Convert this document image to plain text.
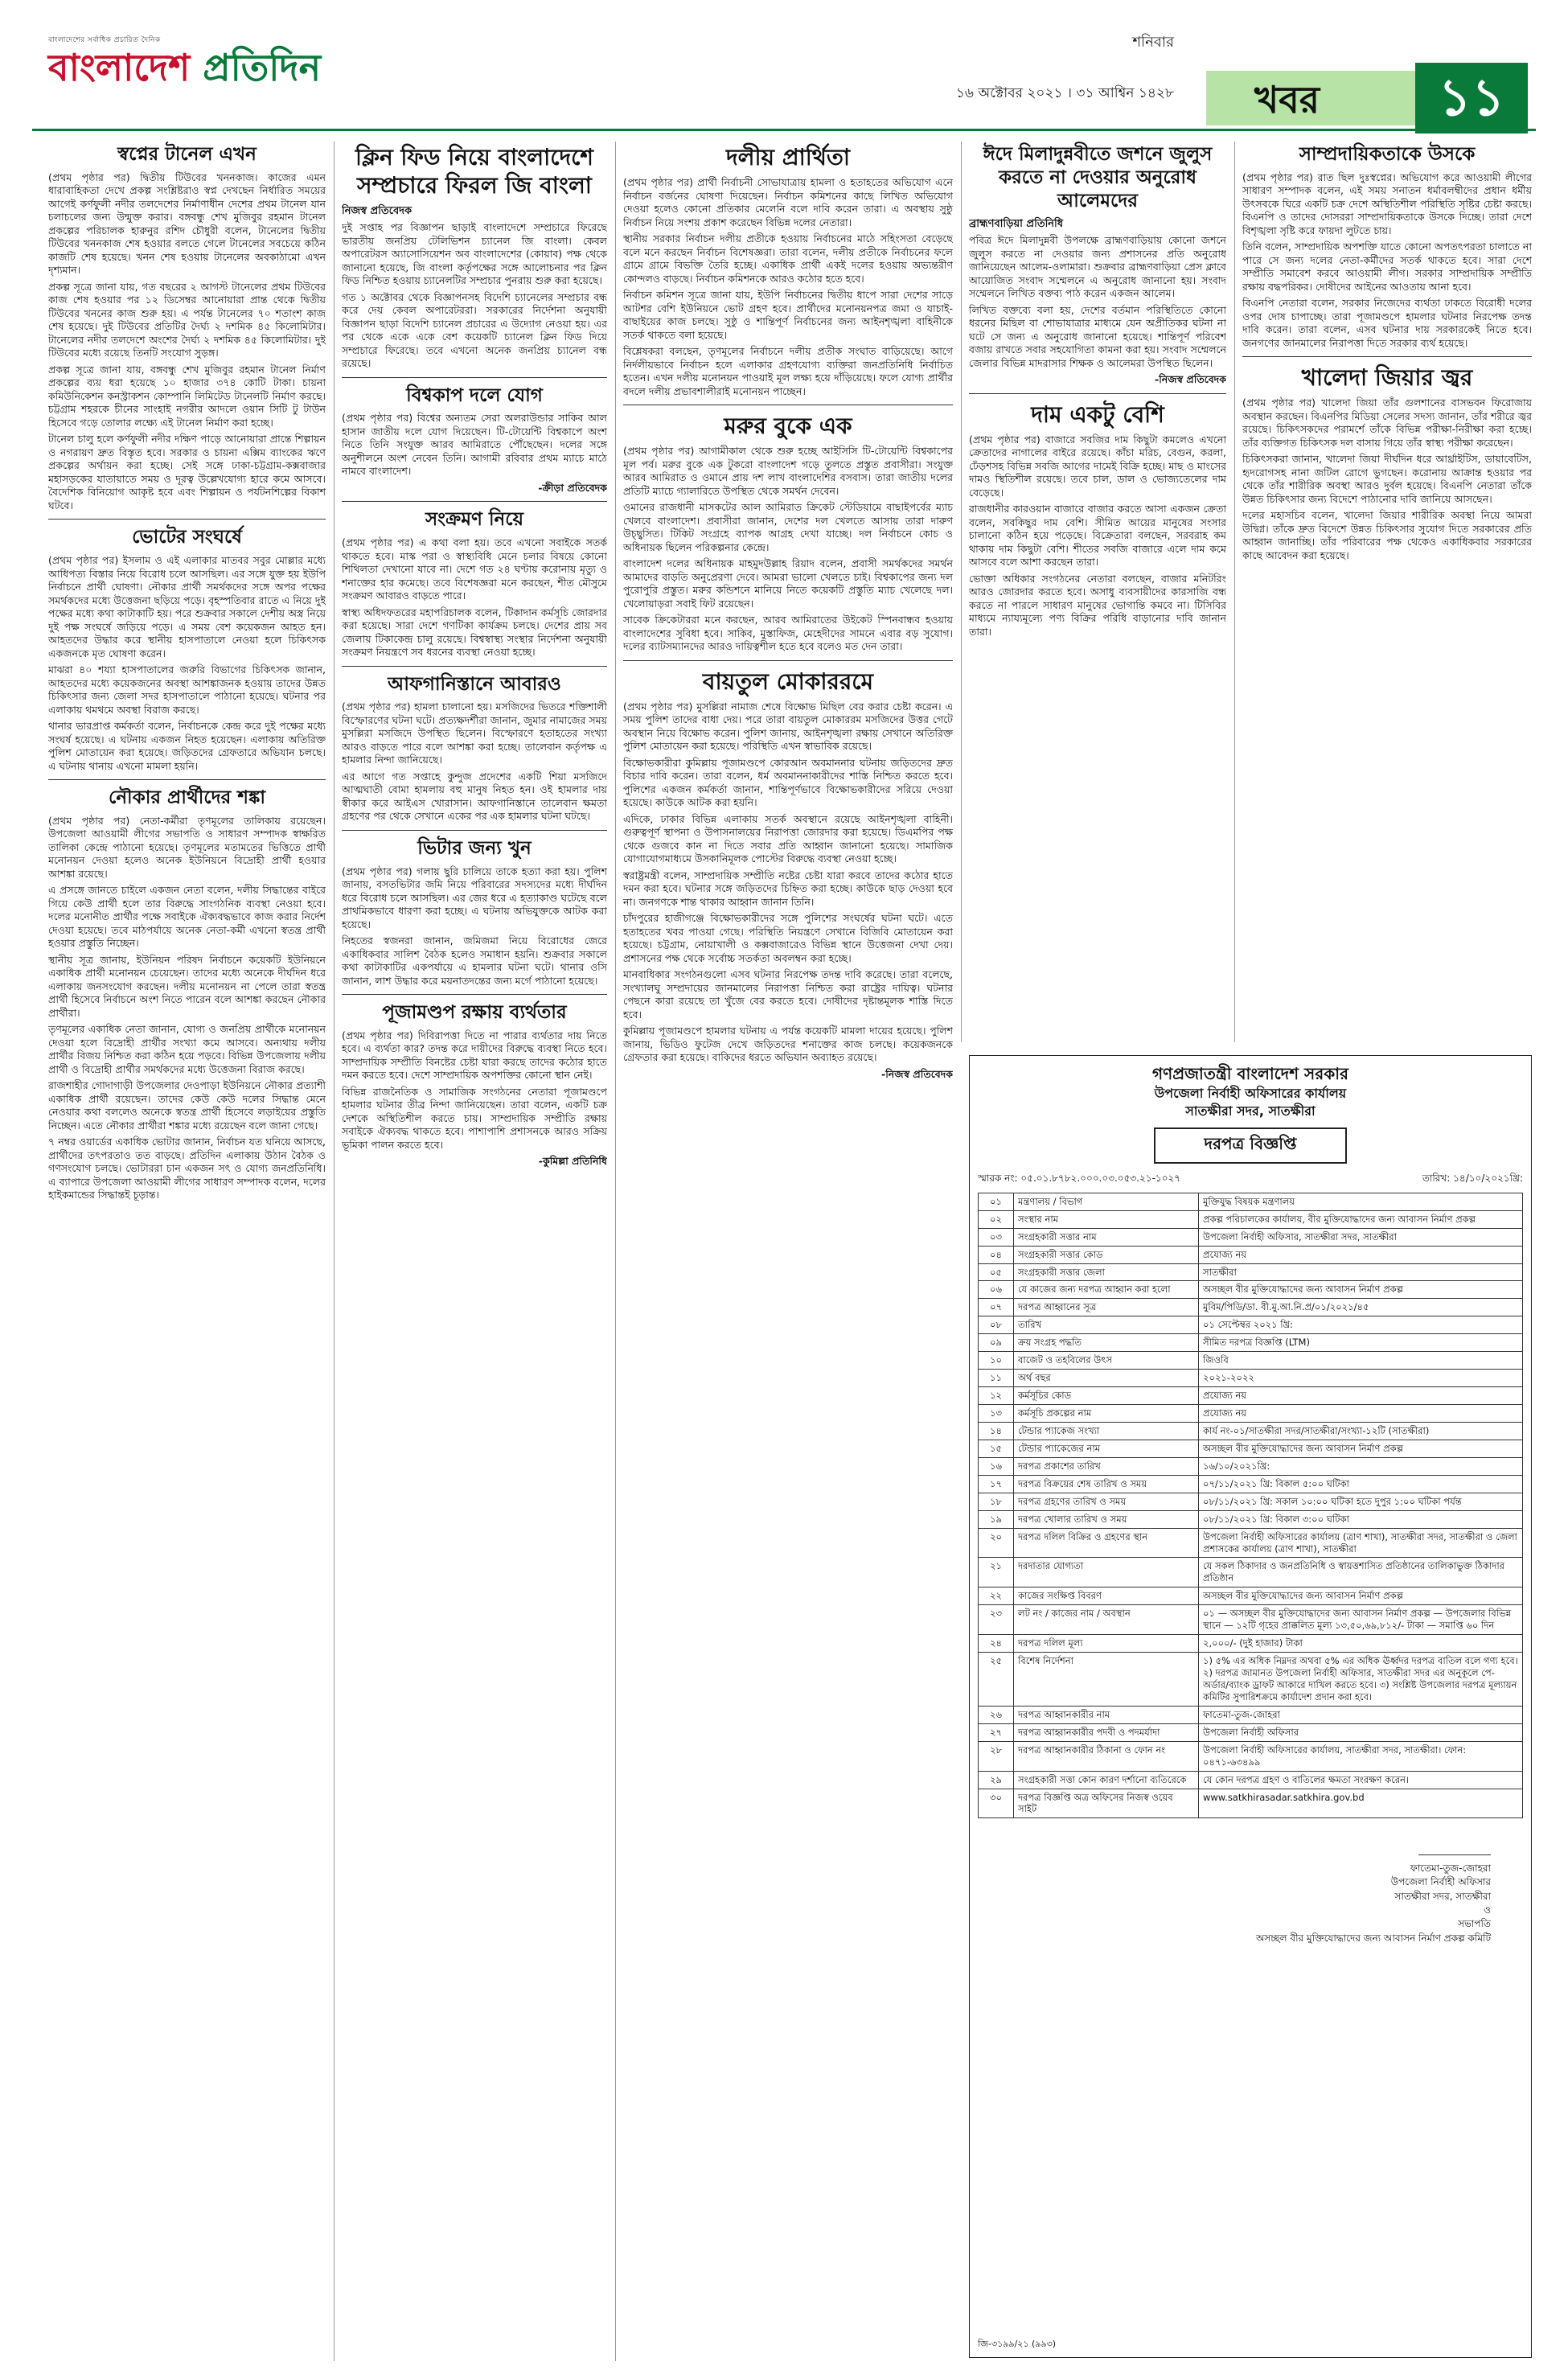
বাংলাদেশের সর্বাধিক প্রচারিত দৈনিক
বাংলাদেশ প্রতিদিন
শনিবার
১৬ অক্টোবর ২০২১ । ৩১ আশ্বিন ১৪২৮ খবর	১১
স্বপ্নের টানেল এখন

(প্রথম পৃষ্ঠার পর) দ্বিতীয় টিউবের খননকাজ। কাজের এমন ধারাবাহিকতা দেখে প্রকল্প সংশ্লিষ্টরাও স্বপ্ন দেখছেন নির্ধারিত সময়ের আগেই কর্ণফুলী নদীর তলদেশের নির্মাণাধীন দেশের প্রথম টানেল যান চলাচলের জন্য উন্মুক্ত করার। বঙ্গবন্ধু শেখ মুজিবুর রহমান টানেল প্রকল্পের পরিচালক হারুনুর রশিদ চৌধুরী বলেন, টানেলের দ্বিতীয় টিউবের খননকাজ শেষ হওয়ার বলতে গেলে টানেলের সবচেয়ে কঠিন কাজটি শেষ হয়েছে। খনন শেষ হওয়ায় টানেলের অবকাঠামো এখন দৃশ্যমান।

প্রকল্প সূত্রে জানা যায়, গত বছরের ২ আগস্ট টানেলের প্রথম টিউবের কাজ শেষ হওয়ার পর ১২ ডিসেম্বর আনোয়ারা প্রান্ত থেকে দ্বিতীয় টিউবের খননের কাজ শুরু হয়। এ পর্যন্ত টানেলের ৭০ শতাংশ কাজ শেষ হয়েছে। দুই টিউবের প্রতিটির দৈর্ঘ্য ২ দশমিক ৪৫ কিলোমিটার। টানেলের নদীর তলদেশে অংশের দৈর্ঘ্য ২ দশমিক ৪৫ কিলোমিটার। দুই টিউবের মধ্যে রয়েছে তিনটি সংযোগ সুড়ঙ্গ।

প্রকল্প সূত্রে জানা যায়, বঙ্গবন্ধু শেখ মুজিবুর রহমান টানেল নির্মাণ প্রকল্পের ব্যয় ধরা হয়েছে ১০ হাজার ৩৭৪ কোটি টাকা। চায়না কমিউনিকেশন কনস্ট্রাকশন কোম্পানি লিমিটেড টানেলটি নির্মাণ করছে। চট্টগ্রাম শহরকে চীনের সাংহাই নগরীর আদলে ওয়ান সিটি টু টাউন হিসেবে গড়ে তোলার লক্ষ্যে এই টানেল নির্মাণ করা হচ্ছে।

টানেল চালু হলে কর্ণফুলী নদীর দক্ষিণ পাড়ে আনোয়ারা প্রান্তে শিল্পায়ন ও নগরায়ণ দ্রুত বিস্তৃত হবে। সরকার ও চায়না এক্সিম ব্যাংকের ঋণে প্রকল্পের অর্থায়ন করা হচ্ছে। সেই সঙ্গে ঢাকা-চট্টগ্রাম-কক্সবাজার মহাসড়কের যাতায়াতে সময় ও দূরত্ব উল্লেখযোগ্য হারে কমে আসবে। বৈদেশিক বিনিয়োগ আকৃষ্ট হবে এবং শিল্পায়ন ও পর্যটনশিল্পের বিকাশ ঘটবে।

ভোটের সংঘর্ষে

(প্রথম পৃষ্ঠার পর) ইসলাম ও এই এলাকার মাতবর সবুর মোল্লার মধ্যে আধিপত্য বিস্তার নিয়ে বিরোধ চলে আসছিল। এর সঙ্গে যুক্ত হয় ইউপি নির্বাচনে প্রার্থী ঘোষণা। নৌকার প্রার্থী সমর্থকদের সঙ্গে অপর পক্ষের সমর্থকদের মধ্যে উত্তেজনা ছড়িয়ে পড়ে। বৃহস্পতিবার রাতে এ নিয়ে দুই পক্ষের মধ্যে কথা কাটাকাটি হয়। পরে শুক্রবার সকালে দেশীয় অস্ত্র নিয়ে দুই পক্ষ সংঘর্ষে জড়িয়ে পড়ে। এ সময় বেশ কয়েকজন আহত হন। আহতদের উদ্ধার করে স্থানীয় হাসপাতালে নেওয়া হলে চিকিৎসক একজনকে মৃত ঘোষণা করেন।

মাঝরা ৪০ শয্যা হাসপাতালের জরুরি বিভাগের চিকিৎসক জানান, আহতদের মধ্যে কয়েকজনের অবস্থা আশঙ্কাজনক হওয়ায় তাদের উন্নত চিকিৎসার জন্য জেলা সদর হাসপাতালে পাঠানো হয়েছে। ঘটনার পর এলাকায় থমথমে অবস্থা বিরাজ করছে।

থানার ভারপ্রাপ্ত কর্মকর্তা বলেন, নির্বাচনকে কেন্দ্র করে দুই পক্ষের মধ্যে সংঘর্ষ হয়েছে। এ ঘটনায় একজন নিহত হয়েছেন। এলাকায় অতিরিক্ত পুলিশ মোতায়েন করা হয়েছে। জড়িতদের গ্রেফতারে অভিযান চলছে। এ ঘটনায় থানায় এখনো মামলা হয়নি।

নৌকার প্রার্থীদের শঙ্কা

(প্রথম পৃষ্ঠার পর) নেতা-কর্মীরা তৃণমূলের তালিকায় রয়েছেন। উপজেলা আওয়ামী লীগের সভাপতি ও সাধারণ সম্পাদক স্বাক্ষরিত তালিকা কেন্দ্রে পাঠানো হয়েছে। তৃণমূলের মতামতের ভিত্তিতে প্রার্থী মনোনয়ন দেওয়া হলেও অনেক ইউনিয়নে বিদ্রোহী প্রার্থী হওয়ার আশঙ্কা রয়েছে।

এ প্রসঙ্গে জানতে চাইলে একজন নেতা বলেন, দলীয় সিদ্ধান্তের বাইরে গিয়ে কেউ প্রার্থী হলে তার বিরুদ্ধে সাংগঠনিক ব্যবস্থা নেওয়া হবে। দলের মনোনীত প্রার্থীর পক্ষে সবাইকে ঐক্যবদ্ধভাবে কাজ করার নির্দেশ দেওয়া হয়েছে। তবে মাঠপর্যায়ে অনেক নেতা-কর্মী এখনো স্বতন্ত্র প্রার্থী হওয়ার প্রস্তুতি নিচ্ছেন।

স্থানীয় সূত্র জানায়, ইউনিয়ন পরিষদ নির্বাচনে কয়েকটি ইউনিয়নে একাধিক প্রার্থী মনোনয়ন চেয়েছেন। তাদের মধ্যে অনেকে দীর্ঘদিন ধরে এলাকায় জনসংযোগ করছেন। দলীয় মনোনয়ন না পেলে তারা স্বতন্ত্র প্রার্থী হিসেবে নির্বাচনে অংশ নিতে পারেন বলে আশঙ্কা করছেন নৌকার প্রার্থীরা।

তৃণমূলের একাধিক নেতা জানান, যোগ্য ও জনপ্রিয় প্রার্থীকে মনোনয়ন দেওয়া হলে বিদ্রোহী প্রার্থীর সংখ্যা কমে আসবে। অন্যথায় দলীয় প্রার্থীর বিজয় নিশ্চিত করা কঠিন হয়ে পড়বে। বিভিন্ন উপজেলায় দলীয় প্রার্থী ও বিদ্রোহী প্রার্থীর সমর্থকদের মধ্যে উত্তেজনা বিরাজ করছে।

রাজশাহীর গোদাগাড়ী উপজেলার দেওপাড়া ইউনিয়নে নৌকার প্রত্যাশী একাধিক প্রার্থী রয়েছেন। তাদের কেউ কেউ দলের সিদ্ধান্ত মেনে নেওয়ার কথা বললেও অনেকে স্বতন্ত্র প্রার্থী হিসেবে লড়াইয়ের প্রস্তুতি নিচ্ছেন। এতে নৌকার প্রার্থীরা শঙ্কার মধ্যে রয়েছেন বলে জানা গেছে।

৭ নম্বর ওয়ার্ডের একাধিক ভোটার জানান, নির্বাচন যত ঘনিয়ে আসছে, প্রার্থীদের তৎপরতাও তত বাড়ছে। প্রতিদিন এলাকায় উঠান বৈঠক ও গণসংযোগ চলছে। ভোটাররা চান একজন সৎ ও যোগ্য জনপ্রতিনিধি। এ ব্যাপারে উপজেলা আওয়ামী লীগের সাধারণ সম্পাদক বলেন, দলের হাইকমান্ডের সিদ্ধান্তই চূড়ান্ত।

ক্লিন ফিড নিয়ে বাংলাদেশে সম্প্রচারে ফিরল জি বাংলা
নিজস্ব প্রতিবেদক

দুই সপ্তাহ পর বিজ্ঞাপন ছাড়াই বাংলাদেশে সম্প্রচারে ফিরেছে ভারতীয় জনপ্রিয় টেলিভিশন চ্যানেল জি বাংলা। কেবল অপারেটরস অ্যাসোসিয়েশন অব বাংলাদেশের (কোয়াব) পক্ষ থেকে জানানো হয়েছে, জি বাংলা কর্তৃপক্ষের সঙ্গে আলোচনার পর ক্লিন ফিড নিশ্চিত হওয়ায় চ্যানেলটির সম্প্রচার পুনরায় শুরু করা হয়েছে।

গত ১ অক্টোবর থেকে বিজ্ঞাপনসহ বিদেশি চ্যানেলের সম্প্রচার বন্ধ করে দেয় কেবল অপারেটররা। সরকারের নির্দেশনা অনুযায়ী বিজ্ঞাপন ছাড়া বিদেশি চ্যানেল প্রচারের এ উদ্যোগ নেওয়া হয়। এর পর থেকে একে একে বেশ কয়েকটি চ্যানেল ক্লিন ফিড দিয়ে সম্প্রচারে ফিরেছে। তবে এখনো অনেক জনপ্রিয় চ্যানেল বন্ধ রয়েছে।

বিশ্বকাপ দলে যোগ

(প্রথম পৃষ্ঠার পর) বিশ্বের অন্যতম সেরা অলরাউন্ডার সাকিব আল হাসান জাতীয় দলে যোগ দিয়েছেন। টি-টোয়েন্টি বিশ্বকাপে অংশ নিতে তিনি সংযুক্ত আরব আমিরাতে পৌঁছেছেন। দলের সঙ্গে অনুশীলনে অংশ নেবেন তিনি। আগামী রবিবার প্রথম ম্যাচে মাঠে নামবে বাংলাদেশ।

-ক্রীড়া প্রতিবেদক
সংক্রমণ নিয়ে

(প্রথম পৃষ্ঠার পর) এ কথা বলা হয়। তবে এখনো সবাইকে সতর্ক থাকতে হবে। মাস্ক পরা ও স্বাস্থ্যবিধি মেনে চলার বিষয়ে কোনো শিথিলতা দেখানো যাবে না। দেশে গত ২৪ ঘণ্টায় করোনায় মৃত্যু ও শনাক্তের হার কমেছে। তবে বিশেষজ্ঞরা মনে করছেন, শীত মৌসুমে সংক্রমণ আবারও বাড়তে পারে।

স্বাস্থ্য অধিদফতরের মহাপরিচালক বলেন, টিকাদান কর্মসূচি জোরদার করা হয়েছে। সারা দেশে গণটিকা কার্যক্রম চলছে। দেশের প্রায় সব জেলায় টিকাকেন্দ্র চালু রয়েছে। বিশ্বস্বাস্থ্য সংস্থার নির্দেশনা অনুযায়ী সংক্রমণ নিয়ন্ত্রণে সব ধরনের ব্যবস্থা নেওয়া হচ্ছে।

আফগানিস্তানে আবারও

(প্রথম পৃষ্ঠার পর) হামলা চালানো হয়। মসজিদের ভিতরে শক্তিশালী বিস্ফোরণের ঘটনা ঘটে। প্রত্যক্ষদর্শীরা জানান, জুমার নামাজের সময় মুসল্লিরা মসজিদে উপস্থিত ছিলেন। বিস্ফোরণে হতাহতের সংখ্যা আরও বাড়তে পারে বলে আশঙ্কা করা হচ্ছে। তালেবান কর্তৃপক্ষ এ হামলার নিন্দা জানিয়েছে।

এর আগে গত সপ্তাহে কুন্দুজ প্রদেশের একটি শিয়া মসজিদে আত্মঘাতী বোমা হামলায় বহু মানুষ নিহত হন। ওই হামলার দায় স্বীকার করে আইএস খোরাসান। আফগানিস্তানে তালেবান ক্ষমতা গ্রহণের পর থেকে সেখানে একের পর এক হামলার ঘটনা ঘটছে।

ভিটার জন্য খুন

(প্রথম পৃষ্ঠার পর) গলায় ছুরি চালিয়ে তাকে হত্যা করা হয়। পুলিশ জানায়, বসতভিটার জমি নিয়ে পরিবারের সদস্যদের মধ্যে দীর্ঘদিন ধরে বিরোধ চলে আসছিল। এর জের ধরে এ হত্যাকাণ্ড ঘটেছে বলে প্রাথমিকভাবে ধারণা করা হচ্ছে। এ ঘটনায় অভিযুক্তকে আটক করা হয়েছে।

নিহতের স্বজনরা জানান, জমিজমা নিয়ে বিরোধের জেরে একাধিকবার সালিশ বৈঠক হলেও সমাধান হয়নি। শুক্রবার সকালে কথা কাটাকাটির একপর্যায়ে এ হামলার ঘটনা ঘটে। থানার ওসি জানান, লাশ উদ্ধার করে ময়নাতদন্তের জন্য মর্গে পাঠানো হয়েছে।

পূজামণ্ডপ রক্ষায় ব্যর্থতার

(প্রথম পৃষ্ঠার পর) দিবিরাপত্তা দিতে না পারার ব্যর্থতার দায় নিতে হবে। এ ব্যর্থতা কার? তদন্ত করে দায়ীদের বিরুদ্ধে ব্যবস্থা নিতে হবে। সাম্প্রদায়িক সম্প্রীতি বিনষ্টের চেষ্টা যারা করছে তাদের কঠোর হাতে দমন করতে হবে। দেশে সাম্প্রদায়িক অপশক্তির কোনো স্থান নেই।

বিভিন্ন রাজনৈতিক ও সামাজিক সংগঠনের নেতারা পূজামণ্ডপে হামলার ঘটনার তীব্র নিন্দা জানিয়েছেন। তারা বলেন, একটি চক্র দেশকে অস্থিতিশীল করতে চায়। সাম্প্রদায়িক সম্প্রীতি রক্ষায় সবাইকে ঐক্যবদ্ধ থাকতে হবে। পাশাপাশি প্রশাসনকে আরও সক্রিয় ভূমিকা পালন করতে হবে।

-কুমিল্লা প্রতিনিধি
দলীয় প্রার্থিতা

(প্রথম পৃষ্ঠার পর) প্রার্থী নির্বাচনী সোভাযাত্রায় হামলা ও হতাহতের অভিযোগ এনে নির্বাচন বর্জনের ঘোষণা দিয়েছেন। নির্বাচন কমিশনের কাছে লিখিত অভিযোগ দেওয়া হলেও কোনো প্রতিকার মেলেনি বলে দাবি করেন তারা। এ অবস্থায় সুষ্ঠু নির্বাচন নিয়ে সংশয় প্রকাশ করেছেন বিভিন্ন দলের নেতারা।

স্থানীয় সরকার নির্বাচন দলীয় প্রতীকে হওয়ায় নির্বাচনের মাঠে সহিংসতা বেড়েছে বলে মনে করছেন নির্বাচন বিশেষজ্ঞরা। তারা বলেন, দলীয় প্রতীকে নির্বাচনের ফলে গ্রামে গ্রামে বিভক্তি তৈরি হচ্ছে। একাধিক প্রার্থী একই দলের হওয়ায় অভ্যন্তরীণ কোন্দলও বাড়ছে। নির্বাচন কমিশনকে আরও কঠোর হতে হবে।

নির্বাচন কমিশন সূত্রে জানা যায়, ইউপি নির্বাচনের দ্বিতীয় ধাপে সারা দেশের সাড়ে আটশর বেশি ইউনিয়নে ভোট গ্রহণ হবে। প্রার্থীদের মনোনয়নপত্র জমা ও যাচাই-বাছাইয়ের কাজ চলছে। সুষ্ঠু ও শান্তিপূর্ণ নির্বাচনের জন্য আইনশৃঙ্খলা বাহিনীকে সতর্ক থাকতে বলা হয়েছে।

বিশ্লেষকরা বলছেন, তৃণমূলের নির্বাচনে দলীয় প্রতীক সংঘাত বাড়িয়েছে। আগে নির্দলীয়ভাবে নির্বাচন হলে এলাকার গ্রহণযোগ্য ব্যক্তিরা জনপ্রতিনিধি নির্বাচিত হতেন। এখন দলীয় মনোনয়ন পাওয়াই মূল লক্ষ্য হয়ে দাঁড়িয়েছে। ফলে যোগ্য প্রার্থীর বদলে দলীয় প্রভাবশালীরাই মনোনয়ন পাচ্ছেন।

মরুর বুকে এক

(প্রথম পৃষ্ঠার পর) আগামীকাল থেকে শুরু হচ্ছে আইসিসি টি-টোয়েন্টি বিশ্বকাপের মূল পর্ব। মরুর বুকে এক টুকরো বাংলাদেশ গড়ে তুলতে প্রস্তুত প্রবাসীরা। সংযুক্ত আরব আমিরাত ও ওমানে প্রায় দশ লাখ বাংলাদেশির বসবাস। তারা জাতীয় দলের প্রতিটি ম্যাচে গ্যালারিতে উপস্থিত থেকে সমর্থন দেবেন।

ওমানের রাজধানী মাসকটের আল আমিরাত ক্রিকেট স্টেডিয়ামে বাছাইপর্বের ম্যাচ খেলবে বাংলাদেশ। প্রবাসীরা জানান, দেশের দল খেলতে আসায় তারা দারুণ উচ্ছ্বসিত। টিকিট সংগ্রহে ব্যাপক আগ্রহ দেখা যাচ্ছে। দল নির্বাচনে কোচ ও অধিনায়ক ছিলেন পরিকল্পনার কেন্দ্রে।

বাংলাদেশ দলের অধিনায়ক মাহমুদউল্লাহ রিয়াদ বলেন, প্রবাসী সমর্থকদের সমর্থন আমাদের বাড়তি অনুপ্রেরণা দেবে। আমরা ভালো খেলতে চাই। বিশ্বকাপের জন্য দল পুরোপুরি প্রস্তুত। মরুর কন্ডিশনে মানিয়ে নিতে কয়েকটি প্রস্তুতি ম্যাচ খেলেছে দল। খেলোয়াড়রা সবাই ফিট রয়েছেন।

সাবেক ক্রিকেটাররা মনে করছেন, আরব আমিরাতের উইকেট স্পিনবান্ধব হওয়ায় বাংলাদেশের সুবিধা হবে। সাকিব, মুস্তাফিজ, মেহেদীদের সামনে এবার বড় সুযোগ। দলের ব্যাটসম্যানদের আরও দায়িত্বশীল হতে হবে বলেও মত দেন তারা।

বায়তুল মোকাররমে

(প্রথম পৃষ্ঠার পর) মুসল্লিরা নামাজ শেষে বিক্ষোভ মিছিল বের করার চেষ্টা করেন। এ সময় পুলিশ তাদের বাধা দেয়। পরে তারা বায়তুল মোকাররম মসজিদের উত্তর গেটে অবস্থান নিয়ে বিক্ষোভ করেন। পুলিশ জানায়, আইনশৃঙ্খলা রক্ষায় সেখানে অতিরিক্ত পুলিশ মোতায়েন করা হয়েছে। পরিস্থিতি এখন স্বাভাবিক রয়েছে।

বিক্ষোভকারীরা কুমিল্লায় পূজামণ্ডপে কোরআন অবমাননার ঘটনায় জড়িতদের দ্রুত বিচার দাবি করেন। তারা বলেন, ধর্ম অবমাননাকারীদের শাস্তি নিশ্চিত করতে হবে। পুলিশের একজন কর্মকর্তা জানান, শান্তিপূর্ণভাবে বিক্ষোভকারীদের সরিয়ে দেওয়া হয়েছে। কাউকে আটক করা হয়নি।

এদিকে, ঢাকার বিভিন্ন এলাকায় সতর্ক অবস্থানে রয়েছে আইনশৃঙ্খলা বাহিনী। গুরুত্বপূর্ণ স্থাপনা ও উপাসনালয়ের নিরাপত্তা জোরদার করা হয়েছে। ডিএমপির পক্ষ থেকে গুজবে কান না দিতে সবার প্রতি আহ্বান জানানো হয়েছে। সামাজিক যোগাযোগমাধ্যমে উসকানিমূলক পোস্টের বিরুদ্ধে ব্যবস্থা নেওয়া হচ্ছে।

স্বরাষ্ট্রমন্ত্রী বলেন, সাম্প্রদায়িক সম্প্রীতি নষ্টের চেষ্টা যারা করবে তাদের কঠোর হাতে দমন করা হবে। ঘটনার সঙ্গে জড়িতদের চিহ্নিত করা হচ্ছে। কাউকে ছাড় দেওয়া হবে না। জনগণকে শান্ত থাকার আহ্বান জানান তিনি।

চাঁদপুরের হাজীগঞ্জে বিক্ষোভকারীদের সঙ্গে পুলিশের সংঘর্ষের ঘটনা ঘটে। এতে হতাহতের খবর পাওয়া গেছে। পরিস্থিতি নিয়ন্ত্রণে সেখানে বিজিবি মোতায়েন করা হয়েছে। চট্টগ্রাম, নোয়াখালী ও কক্সবাজারেও বিভিন্ন স্থানে উত্তেজনা দেখা দেয়। প্রশাসনের পক্ষ থেকে সর্বোচ্চ সতর্কতা অবলম্বন করা হচ্ছে।

মানবাধিকার সংগঠনগুলো এসব ঘটনার নিরপেক্ষ তদন্ত দাবি করেছে। তারা বলেছে, সংখ্যালঘু সম্প্রদায়ের জানমালের নিরাপত্তা নিশ্চিত করা রাষ্ট্রের দায়িত্ব। ঘটনার পেছনে কারা রয়েছে তা খুঁজে বের করতে হবে। দোষীদের দৃষ্টান্তমূলক শাস্তি দিতে হবে।

কুমিল্লায় পূজামণ্ডপে হামলার ঘটনায় এ পর্যন্ত কয়েকটি মামলা দায়ের হয়েছে। পুলিশ জানায়, ভিডিও ফুটেজ দেখে জড়িতদের শনাক্তের কাজ চলছে। কয়েকজনকে গ্রেফতার করা হয়েছে। বাকিদের ধরতে অভিযান অব্যাহত রয়েছে।

-নিজস্ব প্রতিবেদক
ঈদে মিলাদুন্নবীতে জশনে জুলুস করতে না দেওয়ার অনুরোধ আলেমদের
ব্রাহ্মণবাড়িয়া প্রতিনিধি

পবিত্র ঈদে মিলাদুন্নবী উপলক্ষে ব্রাহ্মণবাড়িয়ায় কোনো জশনে জুলুস করতে না দেওয়ার জন্য প্রশাসনের প্রতি অনুরোধ জানিয়েছেন আলেম-ওলামারা। শুক্রবার ব্রাহ্মণবাড়িয়া প্রেস ক্লাবে আয়োজিত সংবাদ সম্মেলনে এ অনুরোধ জানানো হয়। সংবাদ সম্মেলনে লিখিত বক্তব্য পাঠ করেন একজন আলেম।

লিখিত বক্তব্যে বলা হয়, দেশের বর্তমান পরিস্থিতিতে কোনো ধরনের মিছিল বা শোভাযাত্রার মাধ্যমে যেন অপ্রীতিকর ঘটনা না ঘটে সে জন্য এ অনুরোধ জানানো হয়েছে। শান্তিপূর্ণ পরিবেশ বজায় রাখতে সবার সহযোগিতা কামনা করা হয়। সংবাদ সম্মেলনে জেলার বিভিন্ন মাদরাসার শিক্ষক ও আলেমরা উপস্থিত ছিলেন।

-নিজস্ব প্রতিবেদক
দাম একটু বেশি

(প্রথম পৃষ্ঠার পর) বাজারে সবজির দাম কিছুটা কমলেও এখনো ক্রেতাদের নাগালের বাইরে রয়েছে। কাঁচা মরিচ, বেগুন, করলা, ঢেঁড়শসহ বিভিন্ন সবজি আগের দামেই বিক্রি হচ্ছে। মাছ ও মাংসের দামও স্থিতিশীল রয়েছে। তবে চাল, ডাল ও ভোজ্যতেলের দাম বেড়েছে।

রাজধানীর কারওয়ান বাজারে বাজার করতে আসা একজন ক্রেতা বলেন, সবকিছুর দাম বেশি। সীমিত আয়ের মানুষের সংসার চালানো কঠিন হয়ে পড়েছে। বিক্রেতারা বলছেন, সরবরাহ কম থাকায় দাম কিছুটা বেশি। শীতের সবজি বাজারে এলে দাম কমে আসবে বলে আশা করছেন তারা।

ভোক্তা অধিকার সংগঠনের নেতারা বলছেন, বাজার মনিটরিং আরও জোরদার করতে হবে। অসাধু ব্যবসায়ীদের কারসাজি বন্ধ করতে না পারলে সাধারণ মানুষের ভোগান্তি কমবে না। টিসিবির মাধ্যমে ন্যায্যমূল্যে পণ্য বিক্রির পরিধি বাড়ানোর দাবি জানান তারা।

সাম্প্রদায়িকতাকে উসকে

(প্রথম পৃষ্ঠার পর) রাত ছিল দুঃস্বপ্নের। অভিযোগ করে আওয়ামী লীগের সাধারণ সম্পাদক বলেন, এই সময় সনাতন ধর্মাবলম্বীদের প্রধান ধর্মীয় উৎসবকে ঘিরে একটি চক্র দেশে অস্থিতিশীল পরিস্থিতি সৃষ্টির চেষ্টা করছে। বিএনপি ও তাদের দোসররা সাম্প্রদায়িকতাকে উসকে দিচ্ছে। তারা দেশে বিশৃঙ্খলা সৃষ্টি করে ফায়দা লুটতে চায়।

তিনি বলেন, সাম্প্রদায়িক অপশক্তি যাতে কোনো অপতৎপরতা চালাতে না পারে সে জন্য দলের নেতা-কর্মীদের সতর্ক থাকতে হবে। সারা দেশে সম্প্রীতি সমাবেশ করবে আওয়ামী লীগ। সরকার সাম্প্রদায়িক সম্প্রীতি রক্ষায় বদ্ধপরিকর। দোষীদের আইনের আওতায় আনা হবে।

বিএনপি নেতারা বলেন, সরকার নিজেদের ব্যর্থতা ঢাকতে বিরোধী দলের ওপর দোষ চাপাচ্ছে। তারা পূজামণ্ডপে হামলার ঘটনার নিরপেক্ষ তদন্ত দাবি করেন। তারা বলেন, এসব ঘটনার দায় সরকারকেই নিতে হবে। জনগণের জানমালের নিরাপত্তা দিতে সরকার ব্যর্থ হয়েছে।

খালেদা জিয়ার জ্বর

(প্রথম পৃষ্ঠার পর) খালেদা জিয়া তাঁর গুলশানের বাসভবন ফিরোজায় অবস্থান করছেন। বিএনপির মিডিয়া সেলের সদস্য জানান, তাঁর শরীরে জ্বর রয়েছে। চিকিৎসকদের পরামর্শে তাঁকে বিভিন্ন পরীক্ষা-নিরীক্ষা করা হচ্ছে। তাঁর ব্যক্তিগত চিকিৎসক দল বাসায় গিয়ে তাঁর স্বাস্থ্য পরীক্ষা করেছেন।

চিকিৎসকরা জানান, খালেদা জিয়া দীর্ঘদিন ধরে আর্থ্রাইটিস, ডায়াবেটিস, হৃদরোগসহ নানা জটিল রোগে ভুগছেন। করোনায় আক্রান্ত হওয়ার পর থেকে তাঁর শারীরিক অবস্থা আরও দুর্বল হয়েছে। বিএনপি নেতারা তাঁকে উন্নত চিকিৎসার জন্য বিদেশে পাঠানোর দাবি জানিয়ে আসছেন।

দলের মহাসচিব বলেন, খালেদা জিয়ার শারীরিক অবস্থা নিয়ে আমরা উদ্বিগ্ন। তাঁকে দ্রুত বিদেশে উন্নত চিকিৎসার সুযোগ দিতে সরকারের প্রতি আহ্বান জানাচ্ছি। তাঁর পরিবারের পক্ষ থেকেও একাধিকবার সরকারের কাছে আবেদন করা হয়েছে।

গণপ্রজাতন্ত্রী বাংলাদেশ সরকার
উপজেলা নির্বাহী অফিসারের কার্যালয়
সাতক্ষীরা সদর, সাতক্ষীরা
দরপত্র বিজ্ঞপ্তি
স্মারক নং: ০৫.০১.৮৭৮২.০০০.০৩.০৫৩.২১-১০২৭	তারিখ: ১৪/১০/২০২১খ্রি:
০১	মন্ত্রণালয় / বিভাগ	মুক্তিযুদ্ধ বিষয়ক মন্ত্রণালয়
০২	সংস্থার নাম	প্রকল্প পরিচালকের কার্যালয়, বীর মুক্তিযোদ্ধাদের জন্য আবাসন নির্মাণ প্রকল্প
০৩	সংগ্রহকারী সত্তার নাম	উপজেলা নির্বাহী অফিসার, সাতক্ষীরা সদর, সাতক্ষীরা
০৪	সংগ্রহকারী সত্তার কোড	প্রযোজ্য নয়
০৫	সংগ্রহকারী সত্তার জেলা	সাতক্ষীরা
০৬	যে কাজের জন্য দরপত্র আহ্বান করা হলো	অসচ্ছল বীর মুক্তিযোদ্ধাদের জন্য আবাসন নির্মাণ প্রকল্প
০৭	দরপত্র আহ্বানের সূত্র	মুবিম/পিডি/ডা. বী.মু.আ.নি.প্র/০১/২০২১/৪৫
০৮	তারিখ	০১ সেপ্টেম্বর ২০২১ খ্রি:
০৯	ক্রয় সংগ্রহ পদ্ধতি	সীমিত দরপত্র বিজ্ঞপ্তি (LTM)
১০	বাজেট ও তহবিলের উৎস	জিওবি
১১	অর্থ বছর	২০২১-২০২২
১২	কর্মসূচির কোড	প্রযোজ্য নয়
১৩	কর্মসূচি প্রকল্পের নাম	প্রযোজ্য নয়
১৪	টেন্ডার প্যাকেজ সংখ্যা	কার্য নং-০১/সাতক্ষীরা সদর/সাতক্ষীরা/সংখ্যা-১২টি (সাতক্ষীরা)
১৫	টেন্ডার প্যাকেজের নাম	অসচ্ছল বীর মুক্তিযোদ্ধাদের জন্য আবাসন নির্মাণ প্রকল্প
১৬	দরপত্র প্রকাশের তারিখ	১৬/১০/২০২১খ্রি:
১৭	দরপত্র বিক্রয়ের শেষ তারিখ ও সময়	০৭/১১/২০২১ খ্রি: বিকাল ৫:০০ ঘটিকা
১৮	দরপত্র গ্রহণের তারিখ ও সময়	০৮/১১/২০২১ খ্রি: সকাল ১০:০০ ঘটিকা হতে দুপুর ১:০০ ঘটিকা পর্যন্ত
১৯	দরপত্র খোলার তারিখ ও সময়	০৮/১১/২০২১ খ্রি: বিকাল ৩:০০ ঘটিকা
২০	দরপত্র দলিল বিক্রির ও গ্রহণের স্থান	উপজেলা নির্বাহী অফিসারের কার্যালয় (ত্রাণ শাখা), সাতক্ষীরা সদর, সাতক্ষীরা ও জেলা প্রশাসকের কার্যালয় (ত্রাণ শাখা), সাতক্ষীরা
২১	দরদাতার যোগ্যতা	যে সকল ঠিকাদার ও জনপ্রতিনিধি ও স্বায়ত্তশাসিত প্রতিষ্ঠানের তালিকাভুক্ত ঠিকাদার প্রতিষ্ঠান
২২	কাজের সংক্ষিপ্ত বিবরণ	অসচ্ছল বীর মুক্তিযোদ্ধাদের জন্য আবাসন নির্মাণ প্রকল্প
২৩	লট নং / কাজের নাম / অবস্থান	০১ — অসচ্ছল বীর মুক্তিযোদ্ধাদের জন্য আবাসন নির্মাণ প্রকল্প — উপজেলার বিভিন্ন স্থানে — ১২টি গৃহের প্রাক্কলিত মূল্য ১৩,৫০,৬৯,৮১২/- টাকা — সমাপ্তি ৬০ দিন
২৪	দরপত্র দলিল মূল্য	২,০০০/- (দুই হাজার) টাকা
২৫	বিশেষ নির্দেশনা	১) ৫% এর অধিক নিম্নদর অথবা ৫% এর অধিক ঊর্ধ্বদর দরপত্র বাতিল বলে গণ্য হবে। ২) দরপত্র জামানত উপজেলা নির্বাহী অফিসার, সাতক্ষীরা সদর এর অনুকূলে পে-অর্ডার/ব্যাংক ড্রাফট আকারে দাখিল করতে হবে। ৩) সংশ্লিষ্ট উপজেলার দরপত্র মূল্যায়ন কমিটির সুপারিশক্রমে কার্যাদেশ প্রদান করা হবে।
২৬	দরপত্র আহ্বানকারীর নাম	ফাতেমা-তুজ-জোহরা
২৭	দরপত্র আহ্বানকারীর পদবী ও পদমর্যাদা	উপজেলা নির্বাহী অফিসার
২৮	দরপত্র আহ্বানকারীর ঠিকানা ও ফোন নং	উপজেলা নির্বাহী অফিসারের কার্যালয়, সাতক্ষীরা সদর, সাতক্ষীরা। ফোন: ০৪৭১-৬৩৪৯৯
২৯	সংগ্রহকারী সত্তা কোন কারণ দর্শানো ব্যতিরেকে	যে কোন দরপত্র গ্রহণ ও বাতিলের ক্ষমতা সংরক্ষণ করেন।
৩০	দরপত্র বিজ্ঞপ্তি অত্র অফিসের নিজস্ব ওয়েব সাইট	www.satkhirasadar.satkhira.gov.bd
ফাতেমা-তুজ-জোহরা
উপজেলা নির্বাহী অফিসার
সাতক্ষীরা সদর, সাতক্ষীরা
ও
সভাপতি
অসচ্ছল বীর মুক্তিযোদ্ধাদের জন্য আবাসন নির্মাণ প্রকল্প কমিটি
জি-৩১৯৯/২১ (৯৯৩)
